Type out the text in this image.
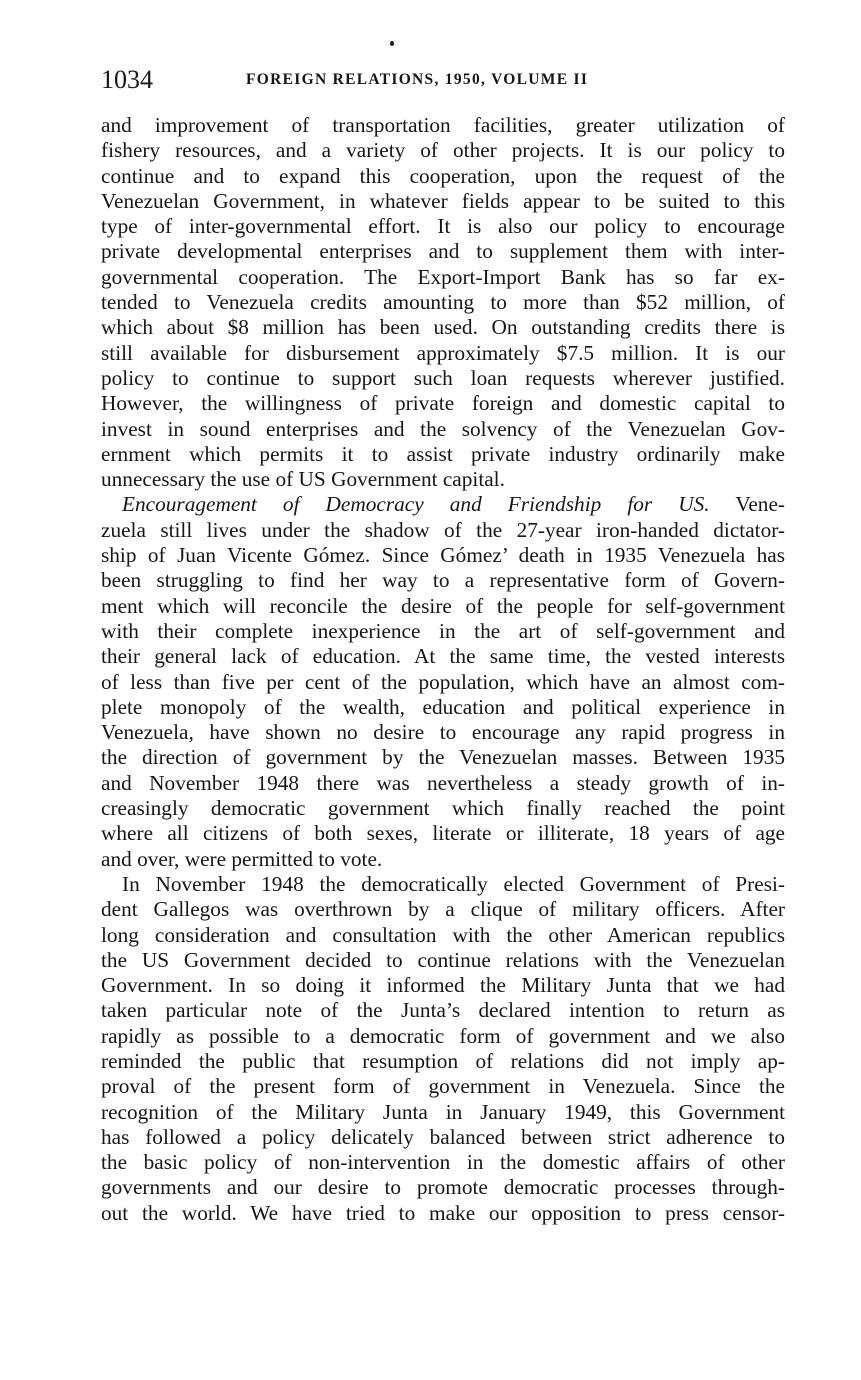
1034	FOREIGN RELATIONS, 1950, VOLUME II

and improvement of transportation facilities, greater utilization of
fishery resources, and a variety of other projects. It is our policy to
continue and to expand this cooperation, upon the request of the
Venezuelan Government, in whatever fields appear to be suited to this
type of inter-governmental effort. It is also our policy to encourage
private developmental enterprises and to supplement them with inter-
governmental cooperation. The Export-Import Bank has so far ex-
tended to Venezuela credits amounting to more than $52 million, of
which about $8 million has been used. On outstanding credits there is
still available for disbursement approximately $7.5 million. It is our
policy to continue to support such loan requests wherever justified.
However, the willingness of private foreign and domestic capital to
invest in sound enterprises and the solvency of the Venezuelan Gov-
ernment which permits it to assist private industry ordinarily make
unnecessary the use of US Government capital.

Encouragement of Democracy and Friendship for US. Vene-
zuela still lives under the shadow of the 27-year iron-handed dictator-
ship of Juan Vicente Gómez. Since Gómez’ death in 1935 Venezuela has
been struggling to find her way to a representative form of Govern-
ment which will reconcile the desire of the people for self-government
with their complete inexperience in the art of self-government and
their general lack of education. At the same time, the vested interests
of less than five per cent of the population, which have an almost com-
plete monopoly of the wealth, education and political experience in
Venezuela, have shown no desire to encourage any rapid progress in
the direction of government by the Venezuelan masses. Between 1935
and November 1948 there was nevertheless a steady growth of in-
creasingly democratic government which finally reached the point
where all citizens of both sexes, literate or illiterate, 18 years of age
and over, were permitted to vote.

In November 1948 the democratically elected Government of Presi-
dent Gallegos was overthrown by a clique of military officers. After
long consideration and consultation with the other American republics
the US Government decided to continue relations with the Venezuelan
Government. In so doing it informed the Military Junta that we had
taken particular note of the Junta’s declared intention to return as
rapidly as possible to a democratic form of government and we also
reminded the public that resumption of relations did not imply ap-
proval of the present form of government in Venezuela. Since the
recognition of the Military Junta in January 1949, this Government
has followed a policy delicately balanced between strict adherence to
the basic policy of non-intervention in the domestic affairs of other
governments and our desire to promote democratic processes through-
out the world. We have tried to make our opposition to press censor-
